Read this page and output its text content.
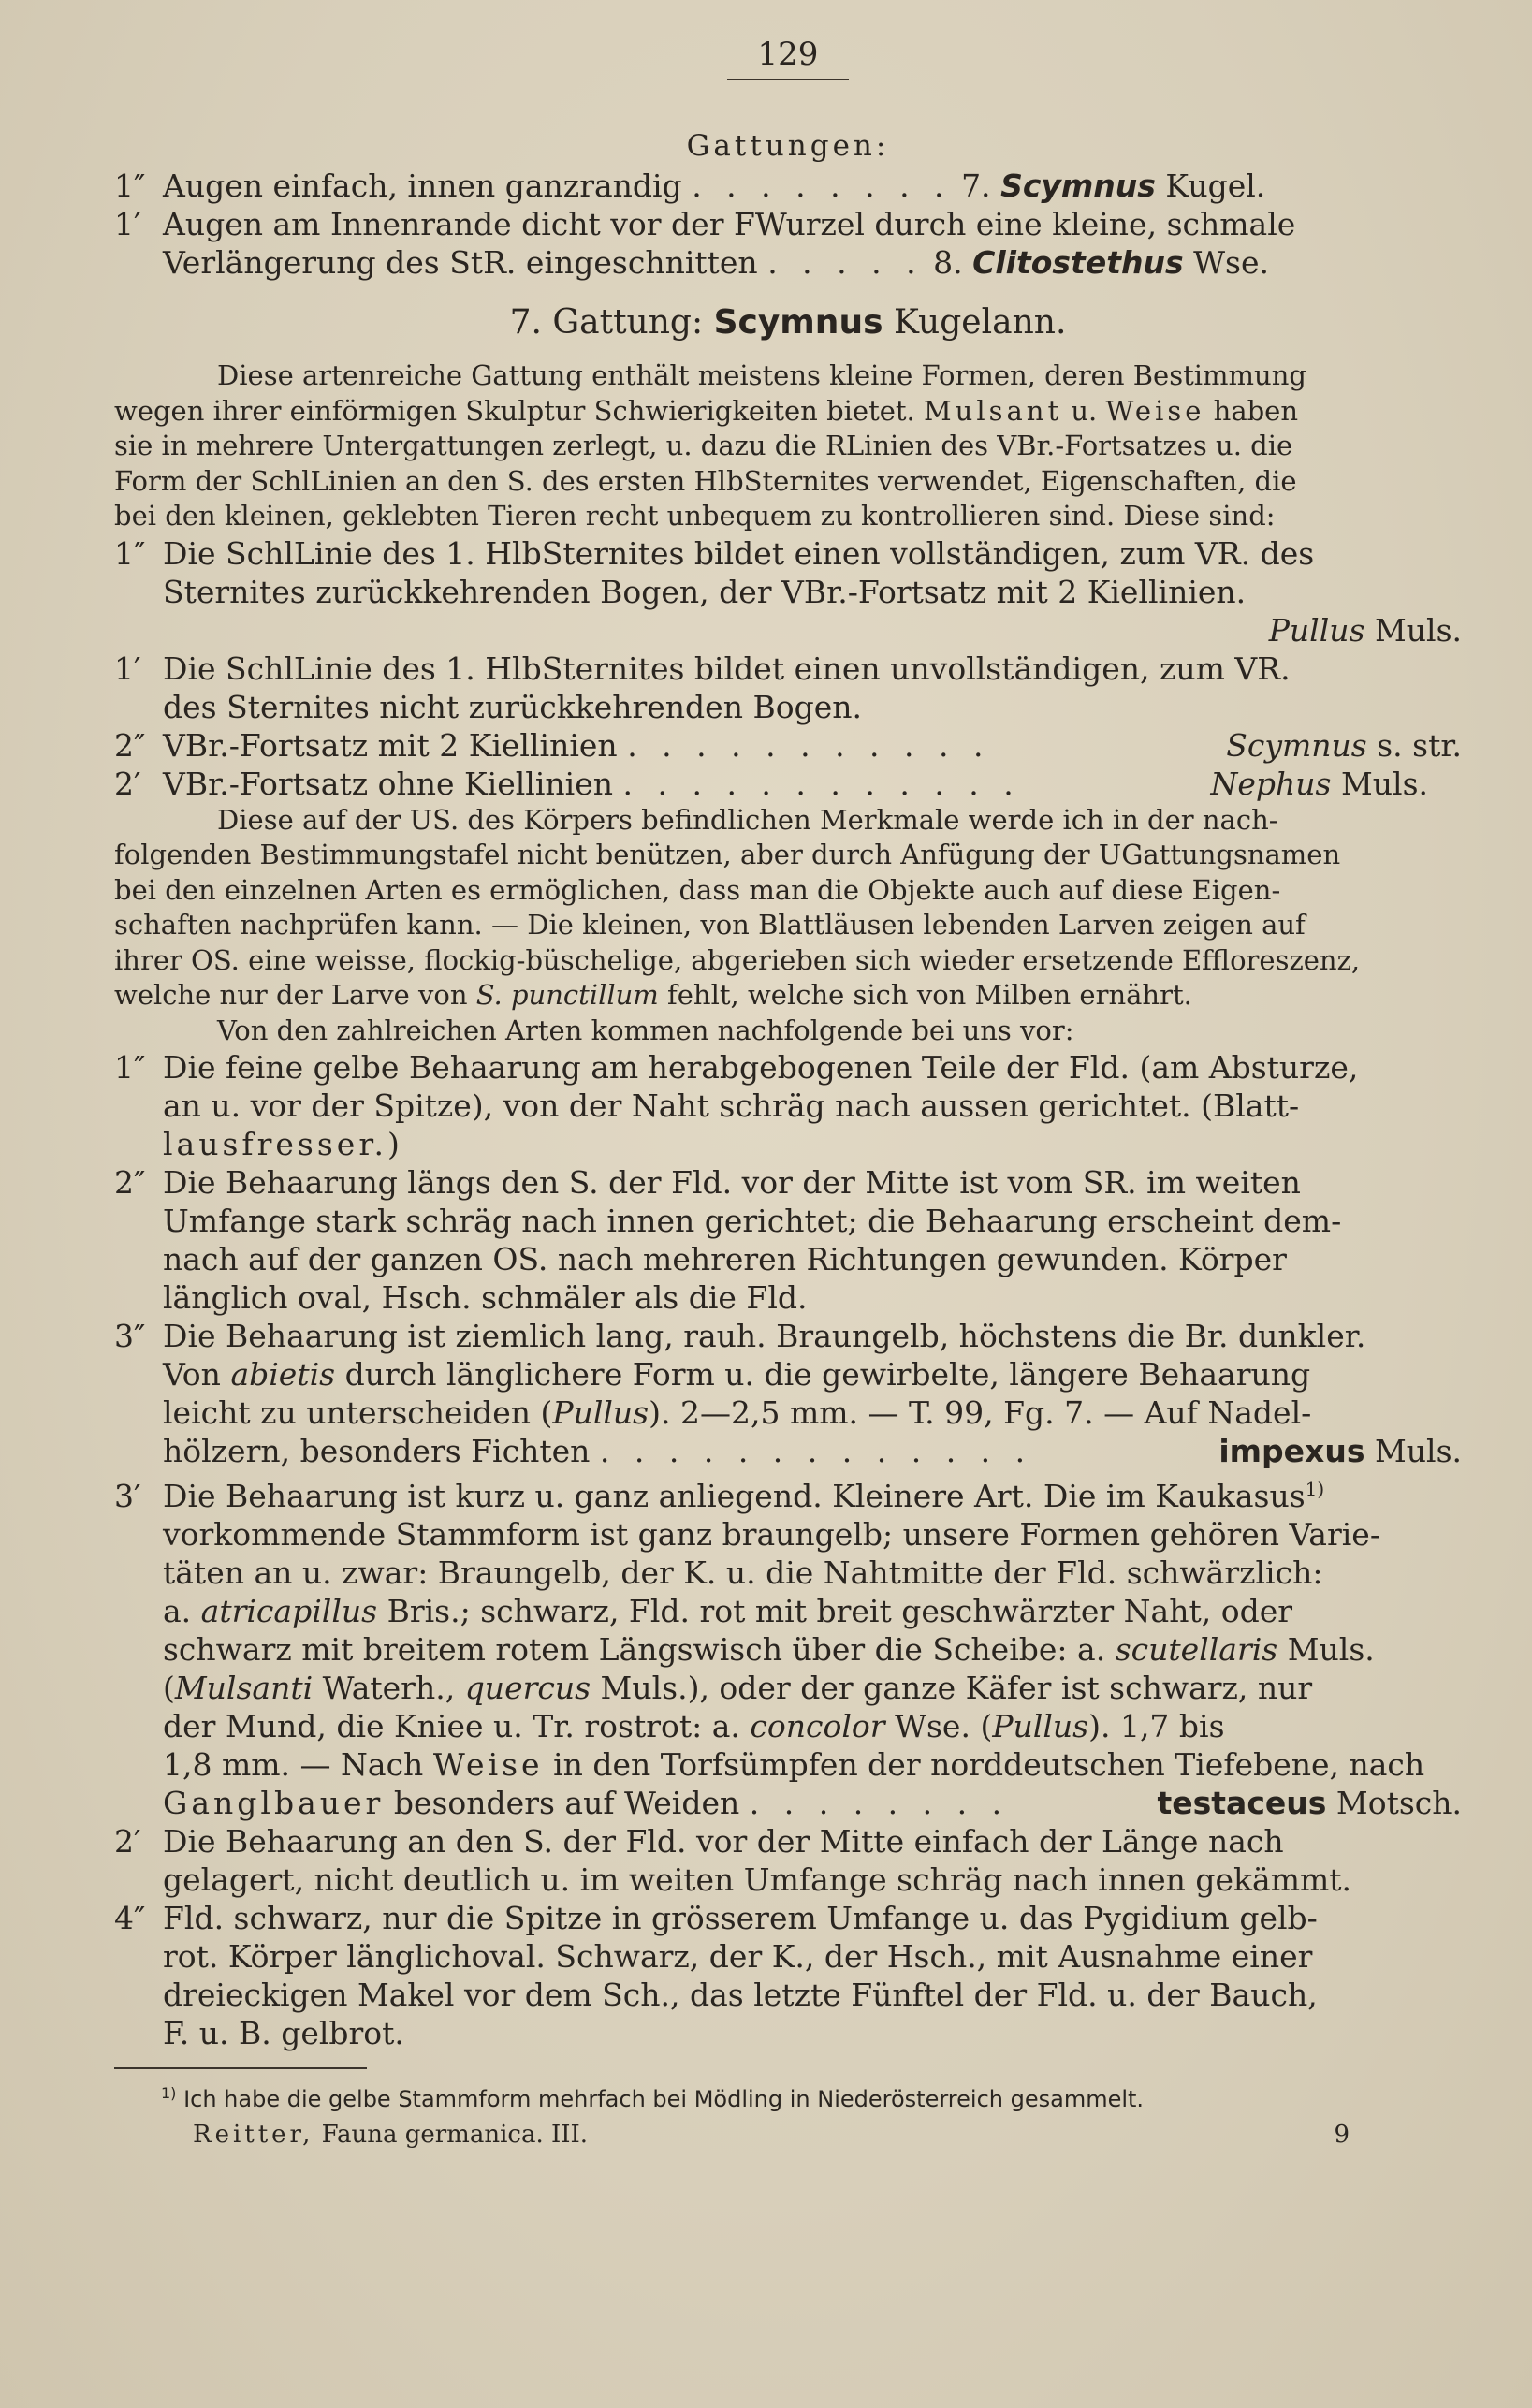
129
Gattungen:
1″ Augen einfach, innen ganzrandig . . . . . . . . 7. Scymnus Kugel.
1′ Augen am Innenrande dicht vor der FWurzel durch eine kleine, schmale
Verlängerung des StR. eingeschnitten . . . . . 8. Clitostethus Wse.
7. Gattung: Scymnus Kugelann.
Diese artenreiche Gattung enthält meistens kleine Formen, deren Bestimmung
wegen ihrer einförmigen Skulptur Schwierigkeiten bietet. Mulsant u. Weise haben
sie in mehrere Untergattungen zerlegt, u. dazu die RLinien des VBr.-Fortsatzes u. die
Form der SchlLinien an den S. des ersten HlbSternites verwendet, Eigenschaften, die
bei den kleinen, geklebten Tieren recht unbequem zu kontrollieren sind. Diese sind:
1″ Die SchlLinie des 1. HlbSternites bildet einen vollständigen, zum VR. des
Sternites zurückkehrenden Bogen, der VBr.-Fortsatz mit 2 Kiellinien.
Pullus Muls.
1′ Die SchlLinie des 1. HlbSternites bildet einen unvollständigen, zum VR.
des Sternites nicht zurückkehrenden Bogen.
2″ VBr.-Fortsatz mit 2 Kiellinien . . . . . . . . . . .	Scymnus s. str.
2′ VBr.-Fortsatz ohne Kiellinien . . . . . . . . . . . .	Nephus Muls.
Diese auf der US. des Körpers befindlichen Merkmale werde ich in der nach-
folgenden Bestimmungstafel nicht benützen, aber durch Anfügung der UGattungsnamen
bei den einzelnen Arten es ermöglichen, dass man die Objekte auch auf diese Eigen-
schaften nachprüfen kann. — Die kleinen, von Blattläusen lebenden Larven zeigen auf
ihrer OS. eine weisse, flockig-büschelige, abgerieben sich wieder ersetzende Effloreszenz,
welche nur der Larve von S. punctillum fehlt, welche sich von Milben ernährt.
Von den zahlreichen Arten kommen nachfolgende bei uns vor:
1″ Die feine gelbe Behaarung am herabgebogenen Teile der Fld. (am Absturze,
an u. vor der Spitze), von der Naht schräg nach aussen gerichtet. (Blatt-
lausfresser.)
2″ Die Behaarung längs den S. der Fld. vor der Mitte ist vom SR. im weiten
Umfange stark schräg nach innen gerichtet; die Behaarung erscheint dem-
nach auf der ganzen OS. nach mehreren Richtungen gewunden. Körper
länglich oval, Hsch. schmäler als die Fld.
3″ Die Behaarung ist ziemlich lang, rauh. Braungelb, höchstens die Br. dunkler.
Von abietis durch länglichere Form u. die gewirbelte, längere Behaarung
leicht zu unterscheiden (Pullus). 2—2,5 mm. — T. 99, Fg. 7. — Auf Nadel-
hölzern, besonders Fichten . . . . . . . . . . . . .	impexus Muls.
3′ Die Behaarung ist kurz u. ganz anliegend. Kleinere Art. Die im Kaukasus$^{1)}$
vorkommende Stammform ist ganz braungelb; unsere Formen gehören Varie-
täten an u. zwar: Braungelb, der K. u. die Nahtmitte der Fld. schwärzlich:
a. atricapillus Bris.; schwarz, Fld. rot mit breit geschwärzter Naht, oder
schwarz mit breitem rotem Längswisch über die Scheibe: a. scutellaris Muls.
(Mulsanti Waterh., quercus Muls.), oder der ganze Käfer ist schwarz, nur
der Mund, die Kniee u. Tr. rostrot: a. concolor Wse. (Pullus). 1,7 bis
1,8 mm. — Nach Weise in den Torfsümpfen der norddeutschen Tiefebene, nach
Ganglbauer besonders auf Weiden . . . . . . . .	testaceus Motsch.
2′ Die Behaarung an den S. der Fld. vor der Mitte einfach der Länge nach
gelagert, nicht deutlich u. im weiten Umfange schräg nach innen gekämmt.
4″ Fld. schwarz, nur die Spitze in grösserem Umfange u. das Pygidium gelb-
rot. Körper länglichoval. Schwarz, der K., der Hsch., mit Ausnahme einer
dreieckigen Makel vor dem Sch., das letzte Fünftel der Fld. u. der Bauch,
F. u. B. gelbrot.
$^{1)}$ Ich habe die gelbe Stammform mehrfach bei Mödling in Niederösterreich gesammelt.
Reitter, Fauna germanica. III.	9
